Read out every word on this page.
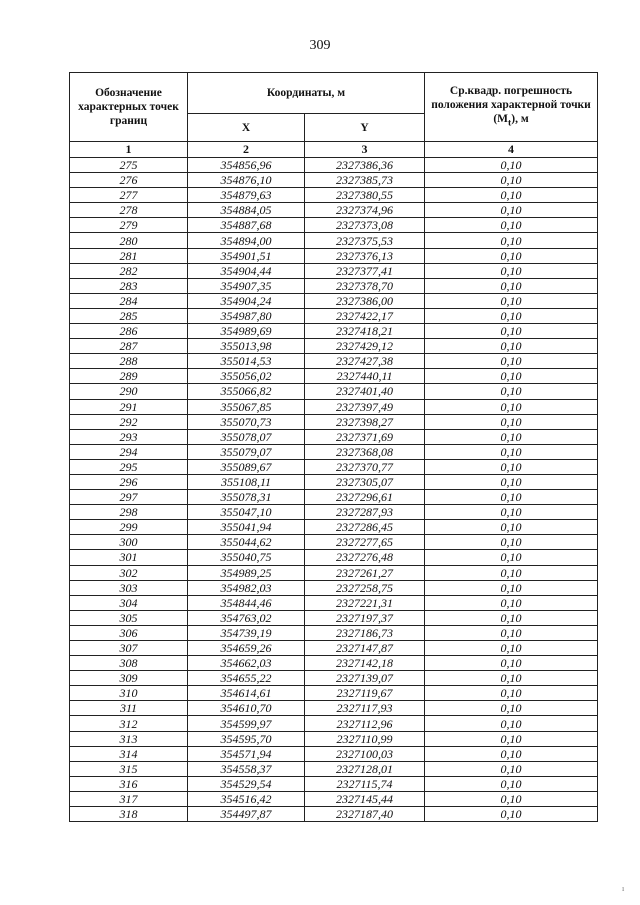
309
Обозначение характерных точек границ	Координаты, м		Ср.квадр. погрешность положения характерной точки $(М_t)$, м
	X	Y	
1	2	3	4
275	354856,96	2327386,36	0,10
276	354876,10	2327385,73	0,10
277	354879,63	2327380,55	0,10
278	354884,05	2327374,96	0,10
279	354887,68	2327373,08	0,10
280	354894,00	2327375,53	0,10
281	354901,51	2327376,13	0,10
282	354904,44	2327377,41	0,10
283	354907,35	2327378,70	0,10
284	354904,24	2327386,00	0,10
285	354987,80	2327422,17	0,10
286	354989,69	2327418,21	0,10
287	355013,98	2327429,12	0,10
288	355014,53	2327427,38	0,10
289	355056,02	2327440,11	0,10
290	355066,82	2327401,40	0,10
291	355067,85	2327397,49	0,10
292	355070,73	2327398,27	0,10
293	355078,07	2327371,69	0,10
294	355079,07	2327368,08	0,10
295	355089,67	2327370,77	0,10
296	355108,11	2327305,07	0,10
297	355078,31	2327296,61	0,10
298	355047,10	2327287,93	0,10
299	355041,94	2327286,45	0,10
300	355044,62	2327277,65	0,10
301	355040,75	2327276,48	0,10
302	354989,25	2327261,27	0,10
303	354982,03	2327258,75	0,10
304	354844,46	2327221,31	0,10
305	354763,02	2327197,37	0,10
306	354739,19	2327186,73	0,10
307	354659,26	2327147,87	0,10
308	354662,03	2327142,18	0,10
309	354655,22	2327139,07	0,10
310	354614,61	2327119,67	0,10
311	354610,70	2327117,93	0,10
312	354599,97	2327112,96	0,10
313	354595,70	2327110,99	0,10
314	354571,94	2327100,03	0,10
315	354558,37	2327128,01	0,10
316	354529,54	2327115,74	0,10
317	354516,42	2327145,44	0,10
318	354497,87	2327187,40	0,10
ı
